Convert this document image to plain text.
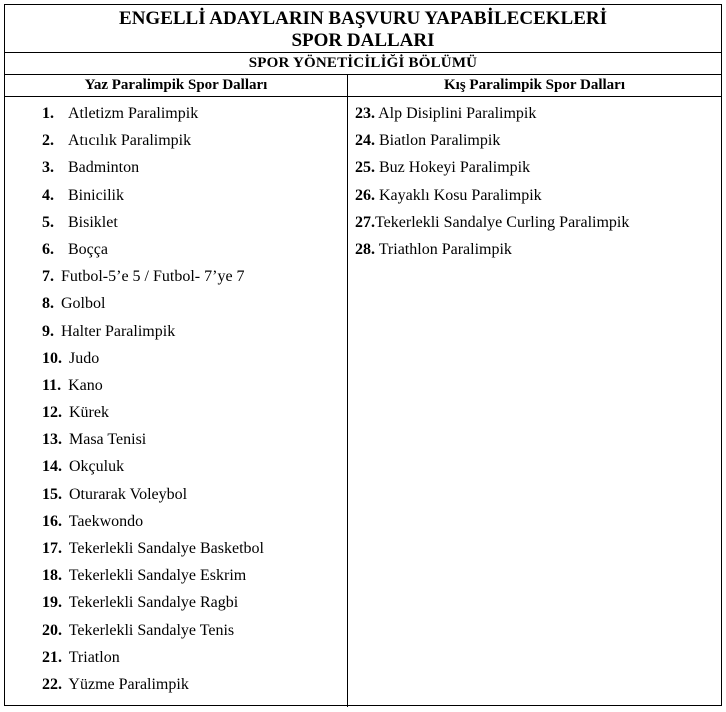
ENGELLİ ADAYLARIN BAŞVURU YAPABİLECEKLERİ
SPOR DALLARI
SPOR YÖNETİCİLİĞİ BÖLÜMÜ
Yaz Paralimpik Spor Dalları	Kış Paralimpik Spor Dalları
1. Atletizm Paralimpik
2. Atıcılık Paralimpik
3. Badminton
4. Binicilik
5. Bisiklet
6. Boçça
7. Futbol-5’e 5 / Futbol- 7’ye 7
8. Golbol
9. Halter Paralimpik
10. Judo
11. Kano
12. Kürek
13. Masa Tenisi
14. Okçuluk
15. Oturarak Voleybol
16. Taekwondo
17. Tekerlekli Sandalye Basketbol
18. Tekerlekli Sandalye Eskrim
19. Tekerlekli Sandalye Ragbi
20. Tekerlekli Sandalye Tenis
21. Triatlon
22. Yüzme Paralimpik
23. Alp Disiplini Paralimpik
24. Biatlon Paralimpik
25. Buz Hokeyi Paralimpik
26. Kayaklı Kosu Paralimpik
27.Tekerlekli Sandalye Curling Paralimpik
28. Triathlon Paralimpik
